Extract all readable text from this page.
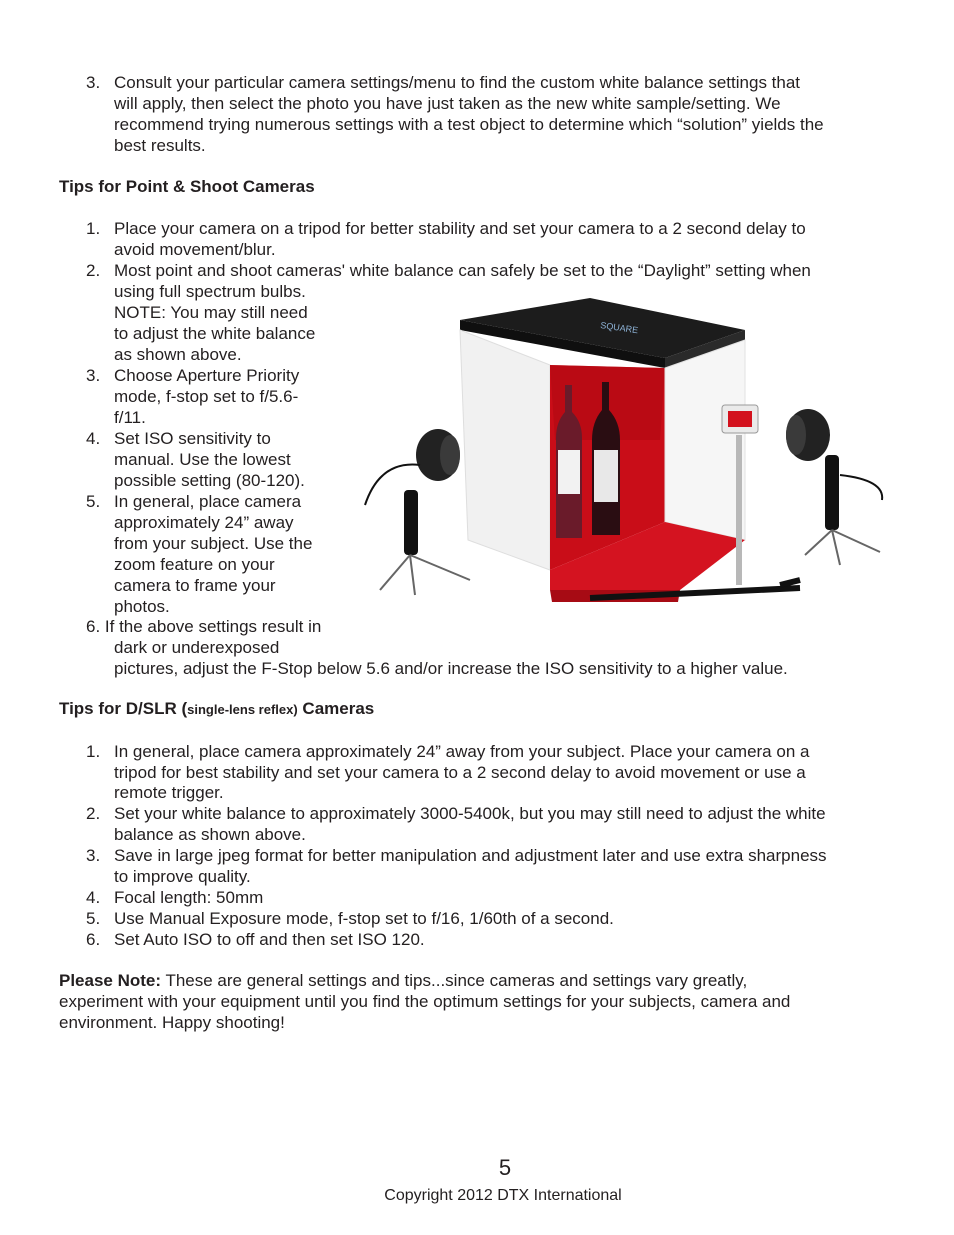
3. Consult your particular camera settings/menu to find the custom white balance settings that
will apply, then select the photo you have just taken as the new white sample/setting. We
recommend trying numerous settings with a test object to determine which “solution” yields the
best results.
Tips for Point & Shoot Cameras
1. Place your camera on a tripod for better stability and set your camera to a 2 second delay to
avoid movement/blur.
2. Most point and shoot cameras' white balance can safely be set to the “Daylight” setting when
using full spectrum bulbs.
NOTE: You may still need
to adjust the white balance
as shown above.
3. Choose Aperture Priority
mode, f-stop set to f/5.6-
f/11.
4. Set ISO sensitivity to
manual. Use the lowest
possible setting (80-120).
5. In general, place camera
approximately 24” away
from your subject. Use the
zoom feature on your
camera to frame your
photos.
6. If the above settings result in
dark or underexposed
pictures, adjust the F-Stop below 5.6 and/or increase the ISO sensitivity to a higher value.
SQUARE
Tips for D/SLR (single-lens reflex) Cameras
1. In general, place camera approximately 24” away from your subject. Place your camera on a
tripod for best stability and set your camera to a 2 second delay to avoid movement or use a
remote trigger.
2. Set your white balance to approximately 3000-5400k, but you may still need to adjust the white
balance as shown above.
3. Save in large jpeg format for better manipulation and adjustment later and use extra sharpness
to improve quality.
4. Focal length: 50mm
5. Use Manual Exposure mode, f-stop set to f/16, 1/60th of a second.
6. Set Auto ISO to off and then set ISO 120.
Please Note: These are general settings and tips...since cameras and settings vary greatly,
experiment with your equipment until you find the optimum settings for your subjects, camera and
environment. Happy shooting!
5
Copyright 2012 DTX International
